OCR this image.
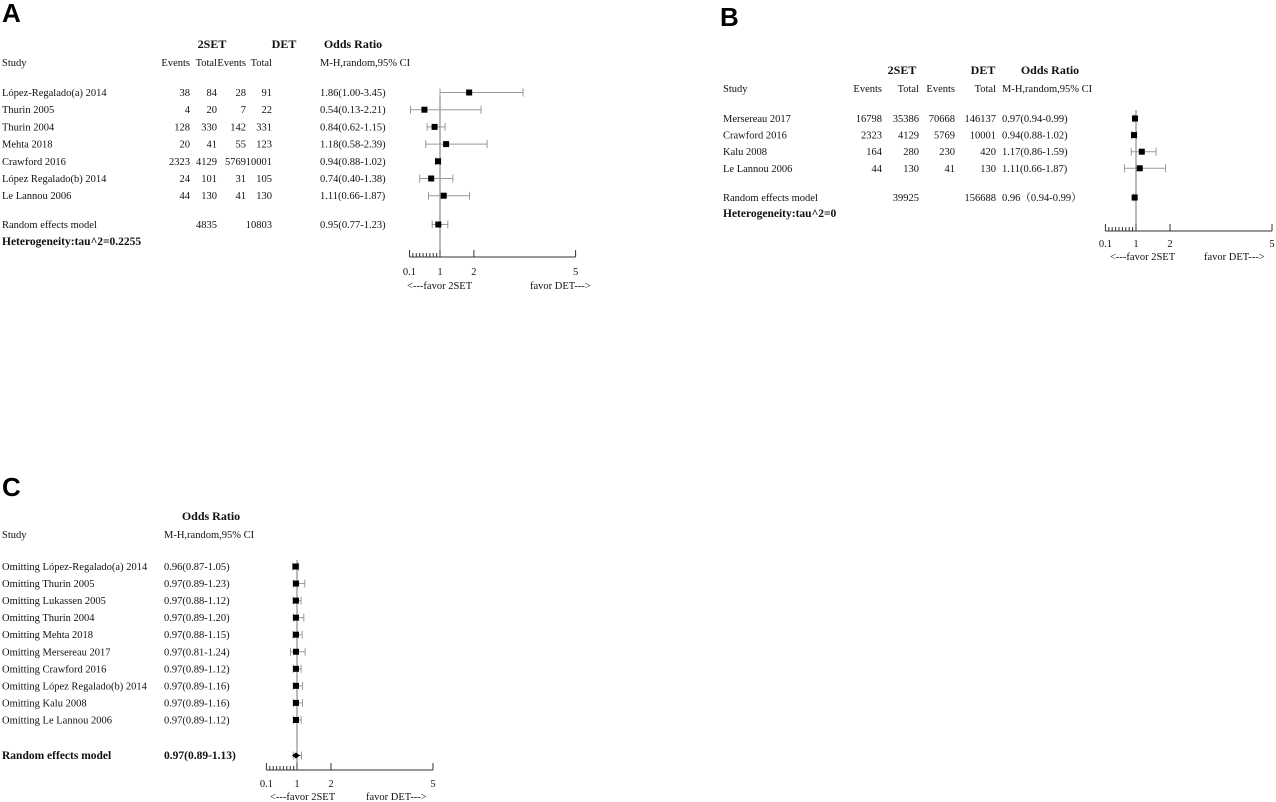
A	B
C
2SET	DET Odds Ratio
Study	Events Total Events Total	M-H,random,95% CI
López-Regalado(a) 2014	38 84 28 91	1.86(1.00-3.45)
Thurin 2005	4 20 7 22	0.54(0.13-2.21)
Thurin 2004	128 330 142 331	0.84(0.62-1.15)
Mehta 2018	20 41 55 123	1.18(0.58-2.39)
Crawford 2016	2323 4129 5769 10001	0.94(0.88-1.02)
López Regalado(b) 2014	24 101 31 105	0.74(0.40-1.38)
Le Lannou 2006	44 130 41 130	1.11(0.66-1.87)
Random effects model	4835	10803	0.95(0.77-1.23)
Heterogeneity:tau^2=0.2255
0.1 1	2	5
<---favor 2SET	favor DET--->
2SET	DET Odds Ratio
Study	Events Total Events Total M-H,random,95% CI
Mersereau 2017	16798 35386 70668 146137 0.97(0.94-0.99)
Crawford 2016	2323 4129 5769 10001 0.94(0.88-1.02)
Kalu 2008	164 280 230 420 1.17(0.86-1.59)
Le Lannou 2006	44 130 41 130 1.11(0.66-1.87)
Random effects model	39925	156688 0.96（0.94-0.99）
Heterogeneity:tau^2=0
0.1 1	2	5
<---favor 2SET	favor DET--->
Odds Ratio
Study	M-H,random,95% CI
Omitting López-Regalado(a) 2014 0.96(0.87-1.05)
Omitting Thurin 2005	0.97(0.89-1.23)
Omitting Lukassen 2005	0.97(0.88-1.12)
Omitting Thurin 2004	0.97(0.89-1.20)
Omitting Mehta 2018	0.97(0.88-1.15)
Omitting Mersereau 2017	0.97(0.81-1.24)
Omitting Crawford 2016	0.97(0.89-1.12)
Omitting López Regalado(b) 2014 0.97(0.89-1.16)
Omitting Kalu 2008	0.97(0.89-1.16)
Omitting Le Lannou 2006	0.97(0.89-1.12)
Random effects model	0.97(0.89-1.13)
0.1 1	2	5
<---favor 2SET	favor DET--->
